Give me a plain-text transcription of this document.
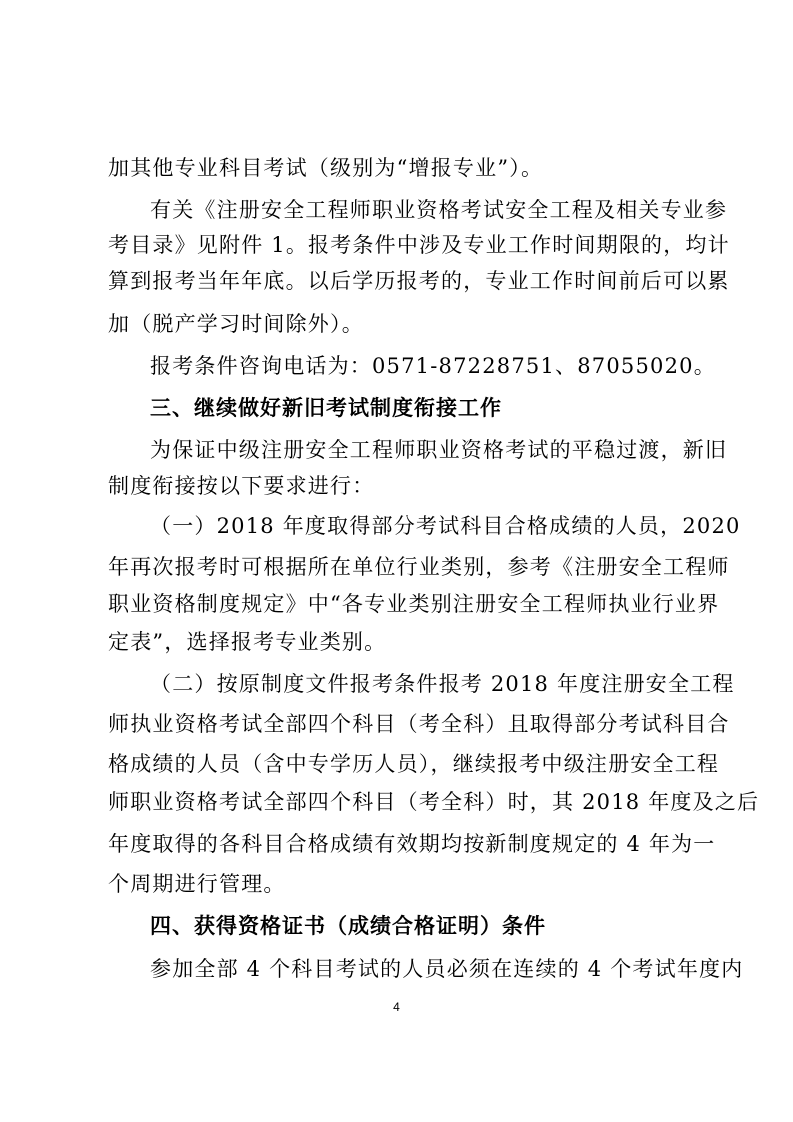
加其他专业科目考试（级别为“增报专业”）。
有关《注册安全工程师职业资格考试安全工程及相关专业参
考目录》见附件 1。报考条件中涉及专业工作时间期限的，均计
算到报考当年年底。以后学历报考的，专业工作时间前后可以累
加（脱产学习时间除外）。
报考条件咨询电话为：0571-87228751、87055020。
三、继续做好新旧考试制度衔接工作
为保证中级注册安全工程师职业资格考试的平稳过渡，新旧
制度衔接按以下要求进行：
（一）2018 年度取得部分考试科目合格成绩的人员，2020
年再次报考时可根据所在单位行业类别，参考《注册安全工程师
职业资格制度规定》中“各专业类别注册安全工程师执业行业界
定表”，选择报考专业类别。
（二）按原制度文件报考条件报考 2018 年度注册安全工程
师执业资格考试全部四个科目（考全科）且取得部分考试科目合
格成绩的人员（含中专学历人员），继续报考中级注册安全工程
师职业资格考试全部四个科目（考全科）时，其 2018 年度及之后
年度取得的各科目合格成绩有效期均按新制度规定的 4 年为一
个周期进行管理。
四、获得资格证书（成绩合格证明）条件
参加全部 4 个科目考试的人员必须在连续的 4 个考试年度内
4
